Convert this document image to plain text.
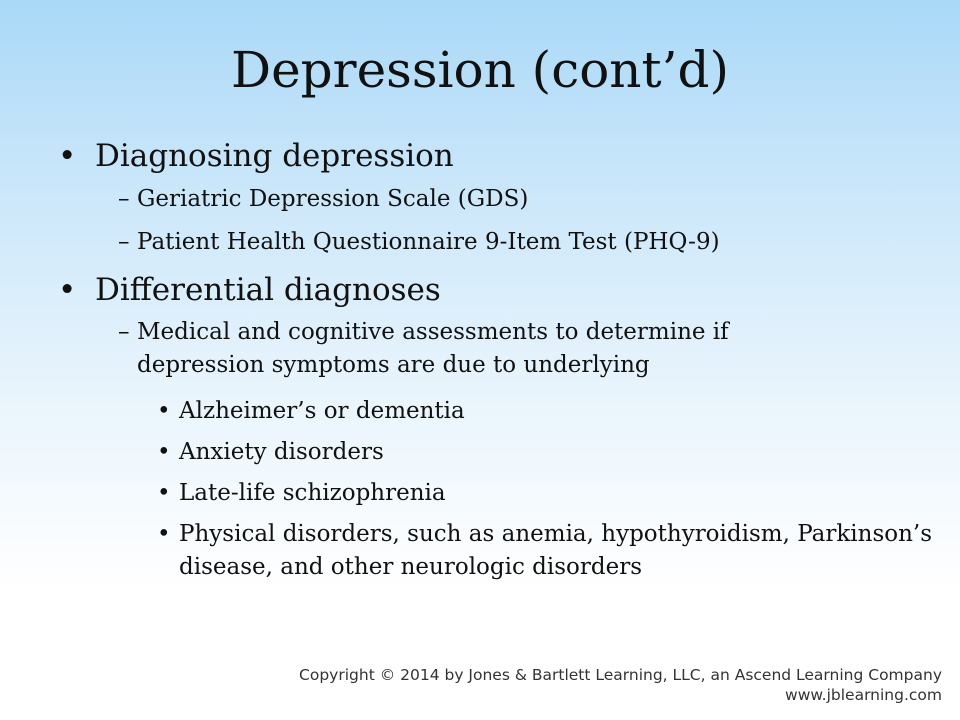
Depression (cont’d)
• Diagnosing depression
– Geriatric Depression Scale (GDS)
– Patient Health Questionnaire 9-Item Test (PHQ-9)
• Differential diagnoses
– Medical and cognitive assessments to determine if depression symptoms are due to underlying
• Alzheimer’s or dementia
• Anxiety disorders
• Late-life schizophrenia
• Physical disorders, such as anemia, hypothyroidism, Parkinson’s disease, and other neurologic disorders
Copyright © 2014 by Jones & Bartlett Learning, LLC, an Ascend Learning Company
www.jblearning.com
